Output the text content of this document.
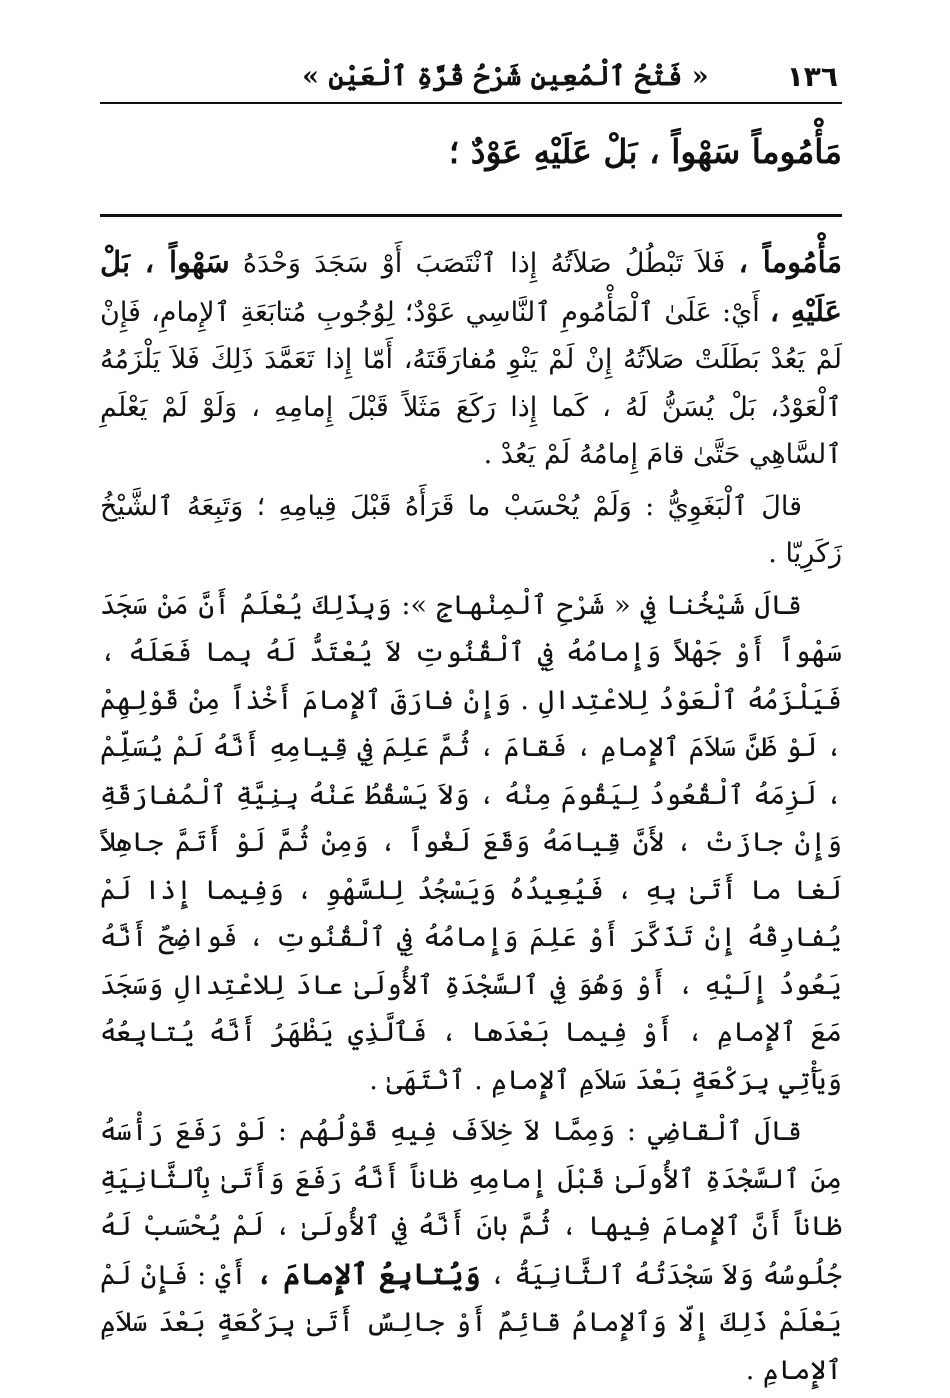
١٣٦
« فَتْحُ ٱلْمُعِينِ شَرْحُ قُرَّةِ ٱلْعَيْنِ »
مَأْمُوماً سَهْواً ، بَلْ عَلَيْهِ عَوْدٌ ؛

مَأْمُوماً ، فَلاَ تَبْطُلُ صَلاَتُهُ إِذا ٱنْتَصَبَ أَوْ سَجَدَ وَحْدَهُ سَهْواً ، بَلْ عَلَيْهِ ، أَيْ: عَلَىٰ ٱلْمَأْمُومِ ٱلنَّاسِي عَوْدٌ؛ لِوُجُوبِ مُتابَعَةِ ٱلإِمامِ، فَإِنْ لَمْ يَعُدْ بَطَلَتْ صَلاَتُهُ إِنْ لَمْ يَنْوِ مُفارَقَتَهُ، أَمّا إِذا تَعَمَّدَ ذَلِكَ فَلاَ يَلْزَمُهُ ٱلْعَوْدُ، بَلْ يُسَنُّ لَهُ ، كَما إِذا رَكَعَ مَثَلاً قَبْلَ إِمامِهِ ، وَلَوْ لَمْ يَعْلَمِ ٱلسَّاهِي حَتَّىٰ قامَ إِمامُهُ لَمْ يَعُدْ .

قالَ ٱلْبَغَوِيُّ : وَلَمْ يُحْسَبْ ما قَرَأَهُ قَبْلَ قِيامِهِ ؛ وَتَبِعَهُ ٱلشَّيْخُ زَكَرِيّا .

قالَ شَيْخُنا فِي « شَرْحِ ٱلْمِنْهاجِ »: وَبِذَلِكَ يُعْلَمُ أَنَّ مَنْ سَجَدَ سَهْواً أَوْ جَهْلاً وَإِمامُهُ فِي ٱلْقُنُوتِ لاَ يُعْتَدُّ لَهُ بِما فَعَلَهُ ، فَيَلْزَمُهُ ٱلْعَوْدُ لِلاعْتِدالِ . وَإِنْ فارَقَ ٱلإِمامَ أَخْذاً مِنْ قَوْلِهِمْ ، لَوْ ظَنَّ سَلاَمَ ٱلإِمامِ ، فَقامَ ، ثُمَّ عَلِمَ فِي قِيامِهِ أَنَّهُ لَمْ يُسَلِّمْ ، لَزِمَهُ ٱلْقُعُودُ لِيَقُومَ مِنْهُ ، وَلاَ يَسْقُطُ عَنْهُ بِنِيَّةِ ٱلْمُفارَقَةِ وَإِنْ جازَتْ ، لأَنَّ قِيامَهُ وَقَعَ لَغْواً ، وَمِنْ ثُمَّ لَوْ أَتَمَّ جاهِلاً لَغا ما أَتَىٰ بِهِ ، فَيُعِيدُهُ وَيَسْجُدُ لِلسَّهْوِ ، وَفِيما إِذا لَمْ يُفارِقْهُ إِنْ تَذَكَّرَ أَوْ عَلِمَ وَإِمامُهُ فِي ٱلْقُنُوتِ ، فَواضِحٌ أَنَّهُ يَعُودُ إِلَيْهِ ، أَوْ وَهُوَ فِي ٱلسَّجْدَةِ ٱلأُولَىٰ عادَ لِلاعْتِدالِ وَسَجَدَ مَعَ ٱلإِمامِ ، أَوْ فِيما بَعْدَها ، فَٱلَّذِي يَظْهَرُ أَنَّهُ يُتابِعُهُ وَيَأْتِي بِرَكْعَةٍ بَعْدَ سَلاَمِ ٱلإِمامِ . ٱنْتَهَىٰ .

قالَ ٱلْقاضِي : وَمِمَّا لاَ خِلاَفَ فِيهِ قَوْلُهُم : لَوْ رَفَعَ رَأْسَهُ مِنَ ٱلسَّجْدَةِ ٱلأُولَىٰ قَبْلَ إِمامِهِ ظاناً أَنَّهُ رَفَعَ وَأَتَىٰ بِٱلثَّانِيَةِ ظاناً أَنَّ ٱلإِمامَ فِيها ، ثُمَّ بانَ أَنَّهُ فِي ٱلأُولَىٰ ، لَمْ يُحْسَبْ لَهُ جُلُوسُهُ وَلاَ سَجْدَتُهُ ٱلثَّانِيَةُ ، وَيُتابِعُ ٱلإِمامَ ، أَيْ : فَإِنْ لَمْ يَعْلَمْ ذَلِكَ إِلّا وَٱلإِمامُ قائِمٌ أَوْ جالِسٌ أَتَىٰ بِرَكْعَةٍ بَعْدَ سَلاَمِ ٱلإِمامِ .
